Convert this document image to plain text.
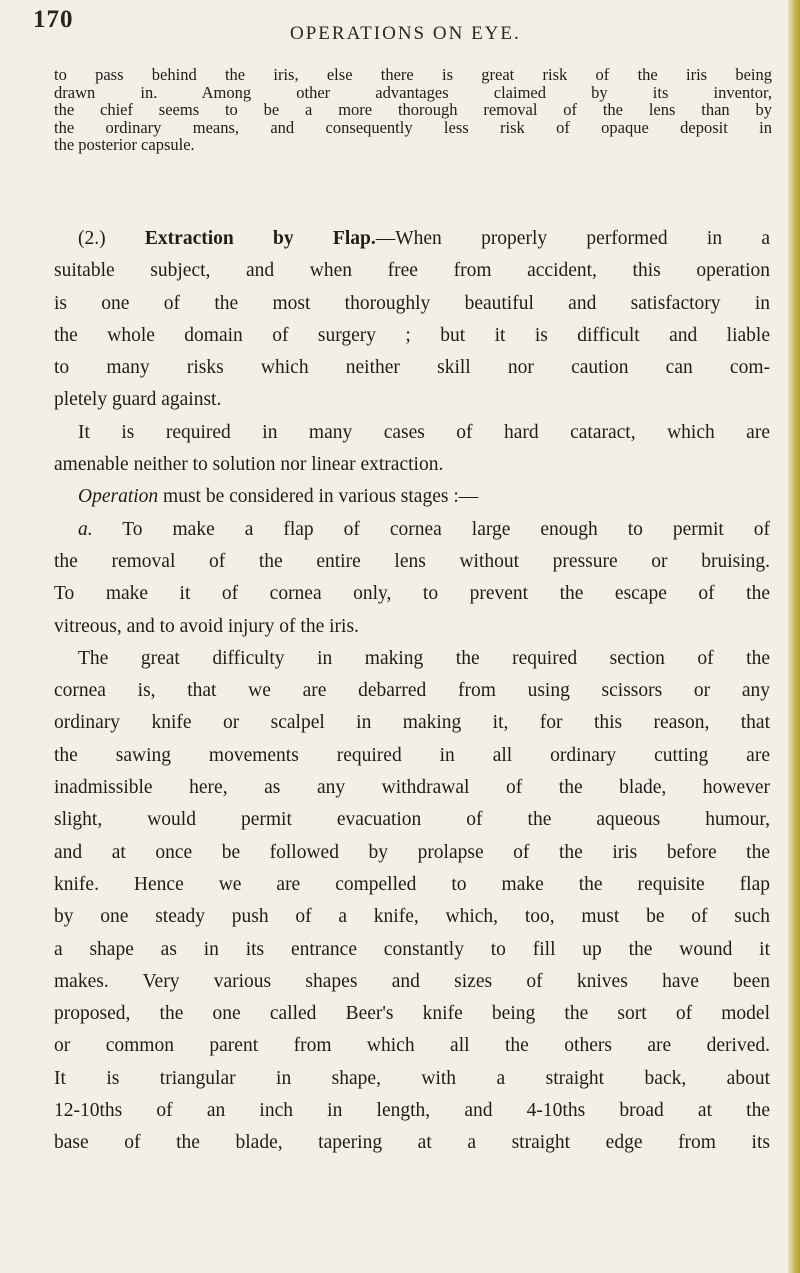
170
OPERATIONS ON EYE.
to pass behind the iris, else there is great risk of the iris being
drawn in. Among other advantages claimed by its inventor,
the chief seems to be a more thorough removal of the lens than by
the ordinary means, and consequently less risk of opaque deposit in
the posterior capsule.
(2.) Extraction by Flap.—When properly performed in a
suitable subject, and when free from accident, this operation
is one of the most thoroughly beautiful and satisfactory in
the whole domain of surgery ; but it is difficult and liable
to many risks which neither skill nor caution can com-
pletely guard against.
It is required in many cases of hard cataract, which are
amenable neither to solution nor linear extraction.
Operation must be considered in various stages :—
a. To make a flap of cornea large enough to permit of
the removal of the entire lens without pressure or bruising.
To make it of cornea only, to prevent the escape of the
vitreous, and to avoid injury of the iris.
The great difficulty in making the required section of the
cornea is, that we are debarred from using scissors or any
ordinary knife or scalpel in making it, for this reason, that
the sawing movements required in all ordinary cutting are
inadmissible here, as any withdrawal of the blade, however
slight, would permit evacuation of the aqueous humour,
and at once be followed by prolapse of the iris before the
knife. Hence we are compelled to make the requisite flap
by one steady push of a knife, which, too, must be of such
a shape as in its entrance constantly to fill up the wound it
makes. Very various shapes and sizes of knives have been
proposed, the one called Beer's knife being the sort of model
or common parent from which all the others are derived.
It is triangular in shape, with a straight back, about
12-10ths of an inch in length, and 4-10ths broad at the
base of the blade, tapering at a straight edge from its
